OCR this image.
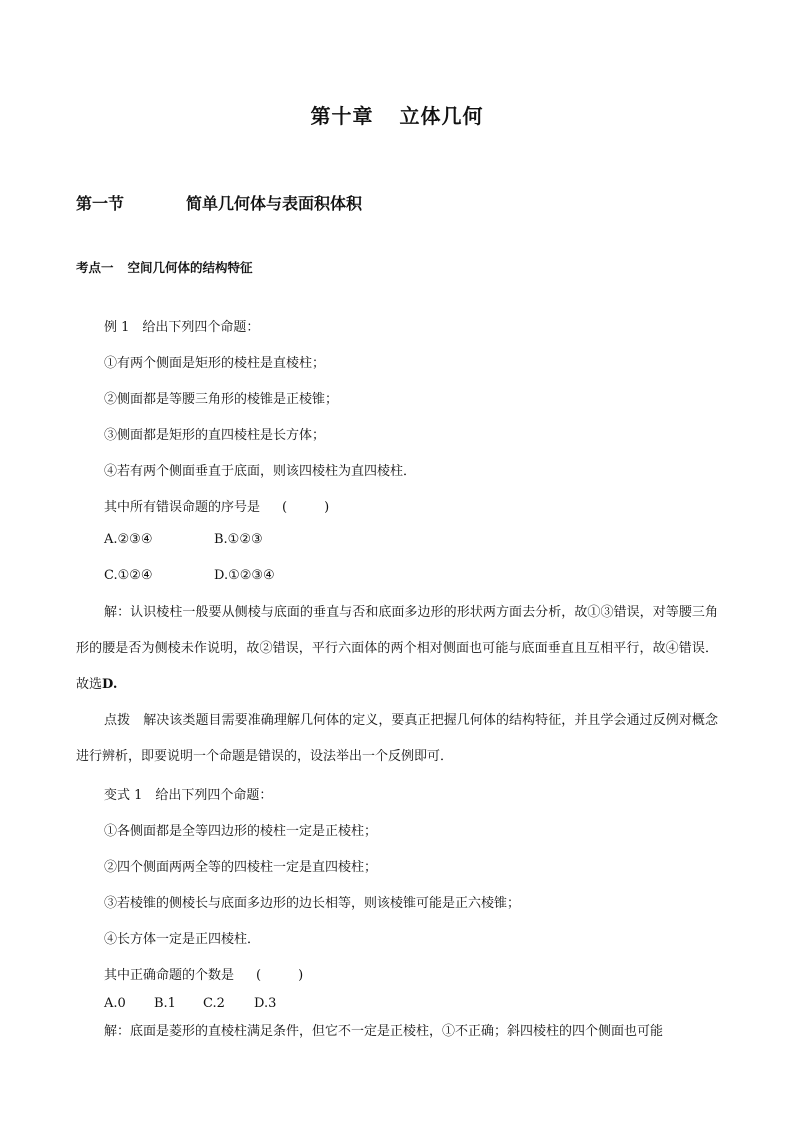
第十章 立体几何
第一节	简单几何体与表面积体积
考点一 空间几何体的结构特征
例 1　给出下列四个命题：
①有两个侧面是矩形的棱柱是直棱柱；
②侧面都是等腰三角形的棱锥是正棱锥；
③侧面都是矩形的直四棱柱是长方体；
④若有两个侧面垂直于底面，则该四棱柱为直四棱柱．
其中所有错误命题的序号是 (　)
A.②③④	B.①②③
C.①②④	D.①②③④
解：认识棱柱一般要从侧棱与底面的垂直与否和底面多边形的形状两方面去分析，故①③错误，对等腰三角形的腰是否为侧棱未作说明，故②错误，平行六面体的两个相对侧面也可能与底面垂直且互相平行，故④错误．故选D.
点拨　解决该类题目需要准确理解几何体的定义，要真正把握几何体的结构特征，并且学会通过反例对概念进行辨析，即要说明一个命题是错误的，设法举出一个反例即可．
变式 1　给出下列四个命题：
①各侧面都是全等四边形的棱柱一定是正棱柱；
②四个侧面两两全等的四棱柱一定是直四棱柱；
③若棱锥的侧棱长与底面多边形的边长相等，则该棱锥可能是正六棱锥；
④长方体一定是正四棱柱．
其中正确命题的个数是 (　)
A.0 B.1 C.2 D.3
解：底面是菱形的直棱柱满足条件，但它不一定是正棱柱，①不正确；斜四棱柱的四个侧面也可能
